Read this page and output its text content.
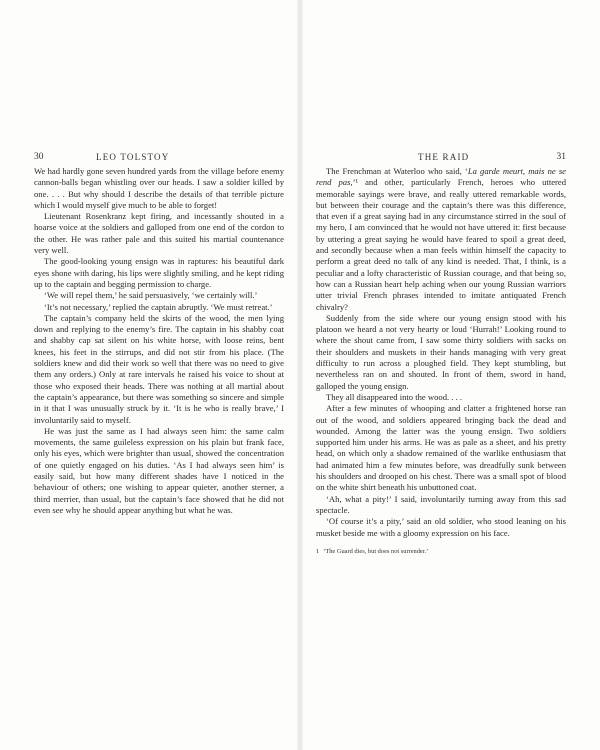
30	LEO TOLSTOY

We had hardly gone seven hundred yards from the village before enemy cannon-balls began whistling over our heads. I saw a soldier killed by one. . . . But why should I describe the details of that terrible picture which I would myself give much to be able to forget!

Lieutenant Rosenkranz kept firing, and incessantly shouted in a hoarse voice at the soldiers and galloped from one end of the cordon to the other. He was rather pale and this suited his martial countenance very well.

The good-looking young ensign was in raptures: his beautiful dark eyes shone with daring, his lips were slightly smiling, and he kept riding up to the captain and begging permission to charge.

‘We will repel them,’ he said persuasively, ‘we certainly will.’

‘It’s not necessary,’ replied the captain abruptly. ‘We must retreat.’

The captain’s company held the skirts of the wood, the men lying down and replying to the enemy’s fire. The captain in his shabby coat and shabby cap sat silent on his white horse, with loose reins, bent knees, his feet in the stirrups, and did not stir from his place. (The soldiers knew and did their work so well that there was no need to give them any orders.) Only at rare intervals he raised his voice to shout at those who exposed their heads. There was nothing at all martial about the captain’s appearance, but there was something so sincere and simple in it that I was unusually struck by it. ‘It is he who is really brave,’ I involuntarily said to myself.

He was just the same as I had always seen him: the same calm movements, the same guileless expression on his plain but frank face, only his eyes, which were brighter than usual, showed the concentration of one quietly engaged on his duties. ‘As I had always seen him’ is easily said, but how many different shades have I noticed in the behaviour of others; one wishing to appear quieter, another sterner, a third merrier, than usual, but the captain’s face showed that he did not even see why he should appear anything but what he was.

THE RAID	31

The Frenchman at Waterloo who said, ‘La garde meurt, mais ne se rend pas,’¹ and other, particularly French, heroes who uttered memorable sayings were brave, and really uttered remarkable words, but between their courage and the captain’s there was this difference, that even if a great saying had in any circumstance stirred in the soul of my hero, I am convinced that he would not have uttered it: first because by uttering a great saying he would have feared to spoil a great deed, and secondly because when a man feels within himself the capacity to perform a great deed no talk of any kind is needed. That, I think, is a peculiar and a lofty characteristic of Russian courage, and that being so, how can a Russian heart help aching when our young Russian warriors utter trivial French phrases intended to imitate antiquated French chivalry?

Suddenly from the side where our young ensign stood with his platoon we heard a not very hearty or loud ‘Hurrah!’ Looking round to where the shout came from, I saw some thirty soldiers with sacks on their shoulders and muskets in their hands managing with very great difficulty to run across a ploughed field. They kept stumbling, but nevertheless ran on and shouted. In front of them, sword in hand, galloped the young ensign.

They all disappeared into the wood. . . .

After a few minutes of whooping and clatter a frightened horse ran out of the wood, and soldiers appeared bringing back the dead and wounded. Among the latter was the young ensign. Two soldiers supported him under his arms. He was as pale as a sheet, and his pretty head, on which only a shadow remained of the warlike enthusiasm that had animated him a few minutes before, was dreadfully sunk between his shoulders and drooped on his chest. There was a small spot of blood on the white shirt beneath his unbuttoned coat.

‘Ah, what a pity!’ I said, involuntarily turning away from this sad spectacle.

‘Of course it’s a pity,’ said an old soldier, who stood leaning on his musket beside me with a gloomy expression on his face.

1 ‘The Guard dies, but does not surrender.’
